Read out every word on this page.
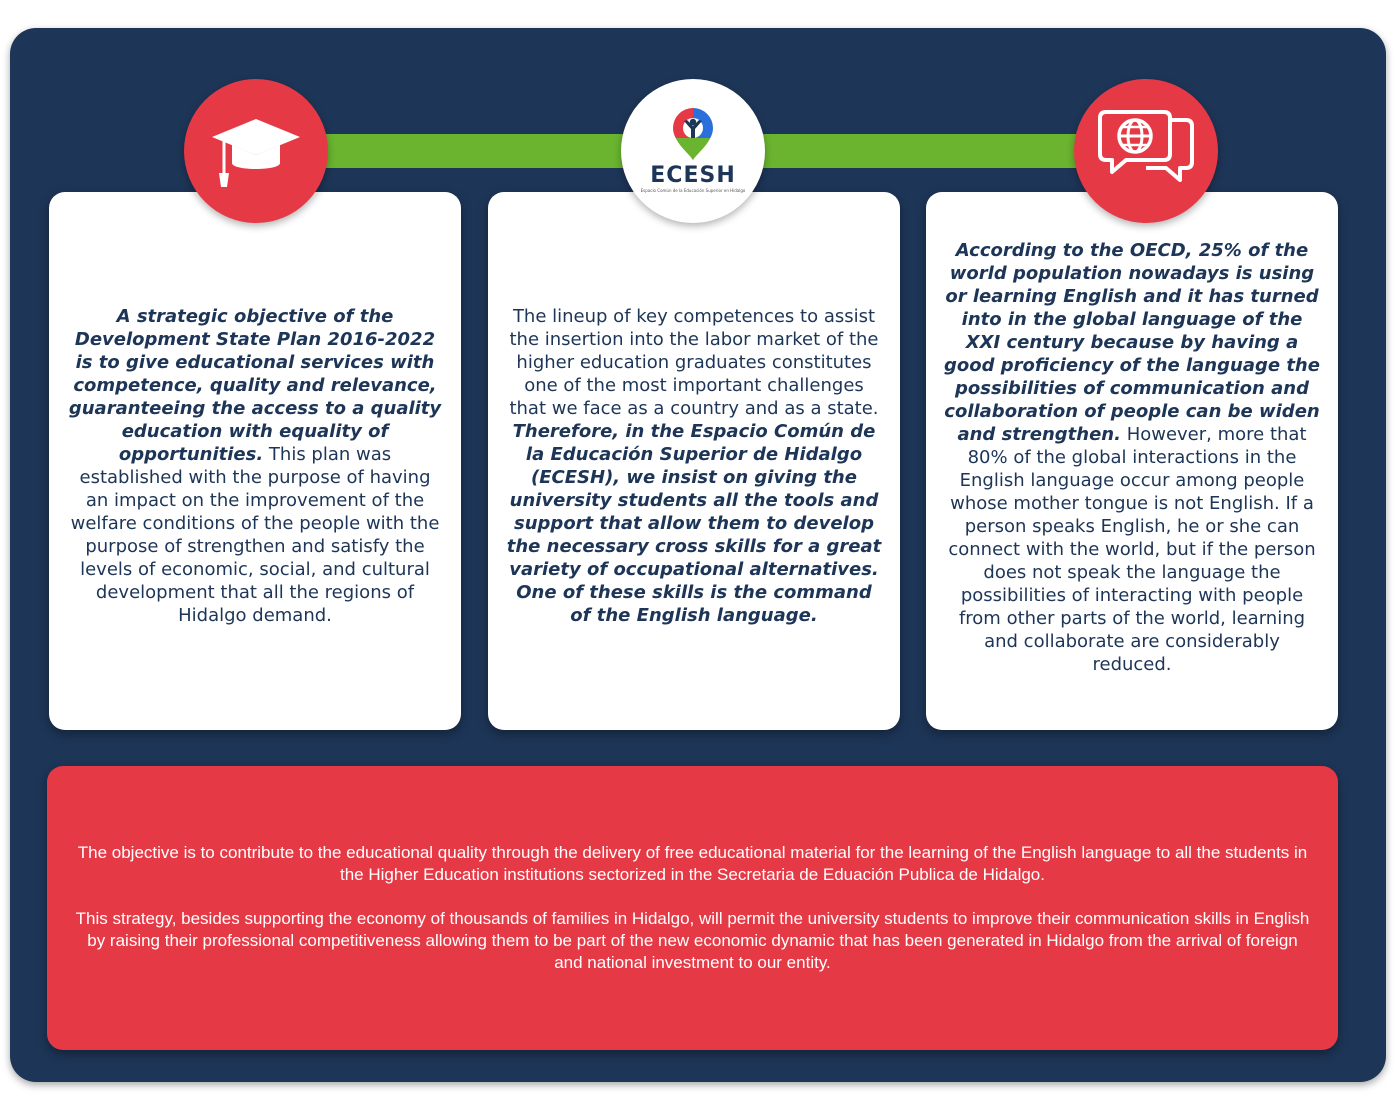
A strategic objective of the Development State Plan 2016-2022 is to give educational services with competence, quality and relevance, guaranteeing the access to a quality education with equality of opportunities. This plan was established with the purpose of having an impact on the improvement of the welfare conditions of the people with the purpose of strengthen and satisfy the levels of economic, social, and cultural development that all the regions of Hidalgo demand.
The lineup of key competences to assist the insertion into the labor market of the higher education graduates constitutes one of the most important challenges that we face as a country and as a state. Therefore, in the Espacio Común de la Educación Superior de Hidalgo (ECESH), we insist on giving the university students all the tools and support that allow them to develop the necessary cross skills for a great variety of occupational alternatives. One of these skills is the command of the English language.
According to the OECD, 25% of the world population nowadays is using or learning English and it has turned into in the global language of the XXI century because by having a good proficiency of the language the possibilities of communication and collaboration of people can be widen and strengthen. However, more that 80% of the global interactions in the English language occur among people whose mother tongue is not English. If a person speaks English, he or she can connect with the world, but if the person does not speak the language the possibilities of interacting with people from other parts of the world, learning and collaborate are considerably reduced.
ECESH
Espacio Común de la Educación Superior en Hidalgo

The objective is to contribute to the educational quality through the delivery of free educational material for the learning of the English language to all the students in the Higher Education institutions sectorized in the Secretaria de Eduación Publica de Hidalgo.

This strategy, besides supporting the economy of thousands of families in Hidalgo, will permit the university students to improve their communication skills in English by raising their professional competitiveness allowing them to be part of the new economic dynamic that has been generated in Hidalgo from the arrival of foreign and national investment to our entity.
